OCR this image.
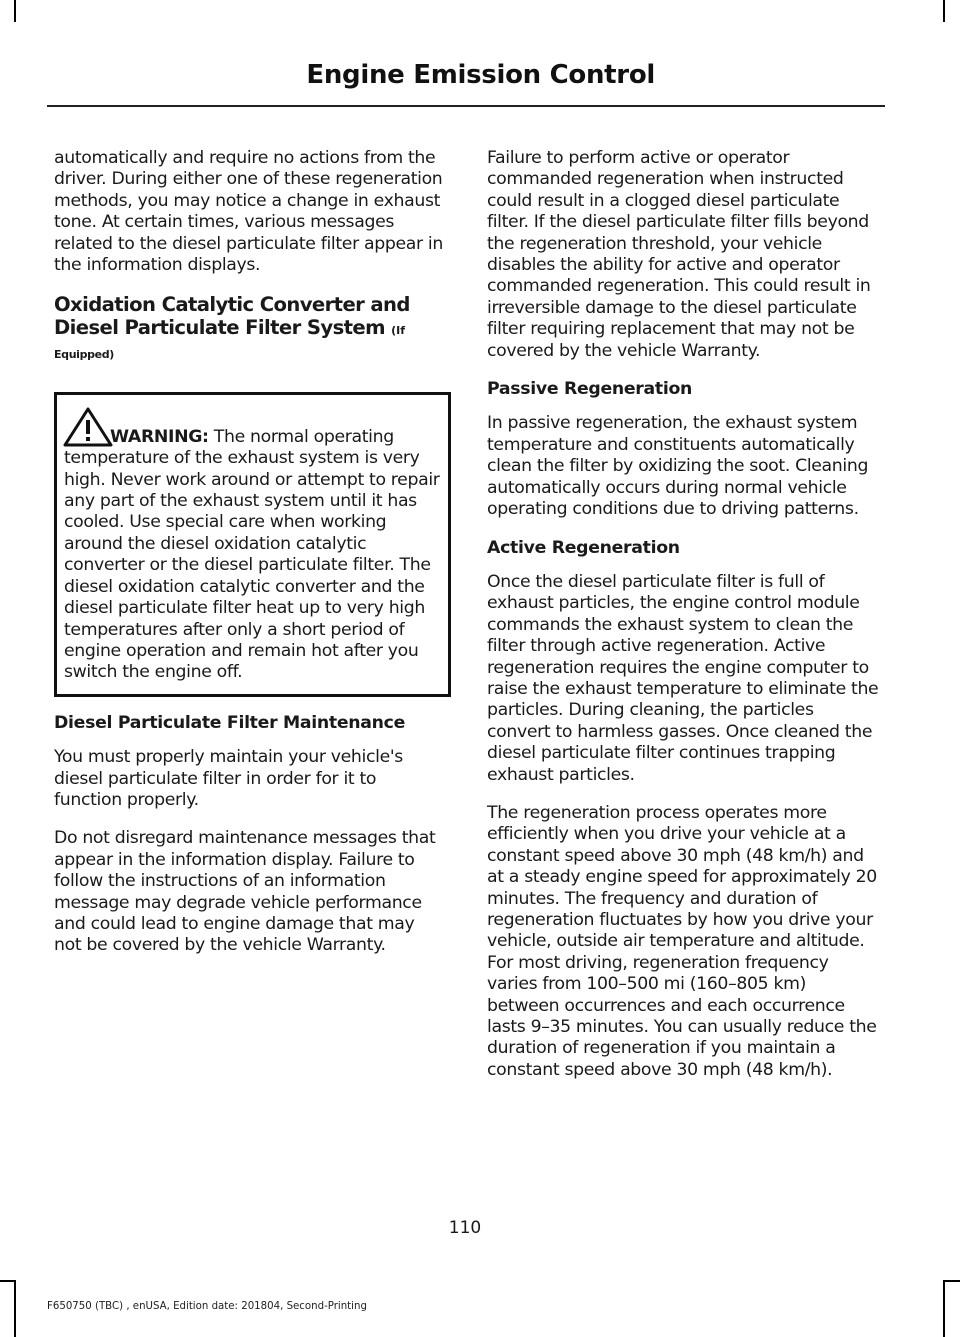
Engine Emission Control

automatically and require no actions from the driver. During either one of these regeneration methods, you may notice a change in exhaust tone. At certain times, various messages related to the diesel particulate filter appear in the information displays.

Oxidation Catalytic Converter and Diesel Particulate Filter System (If
Equipped)

WARNING: The normal operating temperature of the exhaust system is very high. Never work around or attempt to repair any part of the exhaust system until it has cooled. Use special care when working around the diesel oxidation catalytic converter or the diesel particulate filter. The diesel oxidation catalytic converter and the diesel particulate filter heat up to very high temperatures after only a short period of engine operation and remain hot after you switch the engine off.

Diesel Particulate Filter Maintenance

You must properly maintain your vehicle's diesel particulate filter in order for it to function properly.

Do not disregard maintenance messages that appear in the information display. Failure to follow the instructions of an information message may degrade vehicle performance and could lead to engine damage that may not be covered by the vehicle Warranty.

Failure to perform active or operator commanded regeneration when instructed could result in a clogged diesel particulate filter. If the diesel particulate filter fills beyond the regeneration threshold, your vehicle disables the ability for active and operator commanded regeneration. This could result in irreversible damage to the diesel particulate filter requiring replacement that may not be covered by the vehicle Warranty.

Passive Regeneration

In passive regeneration, the exhaust system temperature and constituents automatically clean the filter by oxidizing the soot. Cleaning automatically occurs during normal vehicle operating conditions due to driving patterns.

Active Regeneration

Once the diesel particulate filter is full of exhaust particles, the engine control module commands the exhaust system to clean the filter through active regeneration. Active regeneration requires the engine computer to raise the exhaust temperature to eliminate the particles. During cleaning, the particles convert to harmless gasses. Once cleaned the diesel particulate filter continues trapping exhaust particles.

The regeneration process operates more efficiently when you drive your vehicle at a constant speed above 30 mph (48 km/h) and at a steady engine speed for approximately 20 minutes. The frequency and duration of regeneration fluctuates by how you drive your vehicle, outside air temperature and altitude. For most driving, regeneration frequency varies from 100–500 mi (160–805 km) between occurrences and each occurrence lasts 9–35 minutes. You can usually reduce the duration of regeneration if you maintain a constant speed above 30 mph (48 km/h).

110
F650750 (TBC) , enUSA, Edition date: 201804, Second-Printing
